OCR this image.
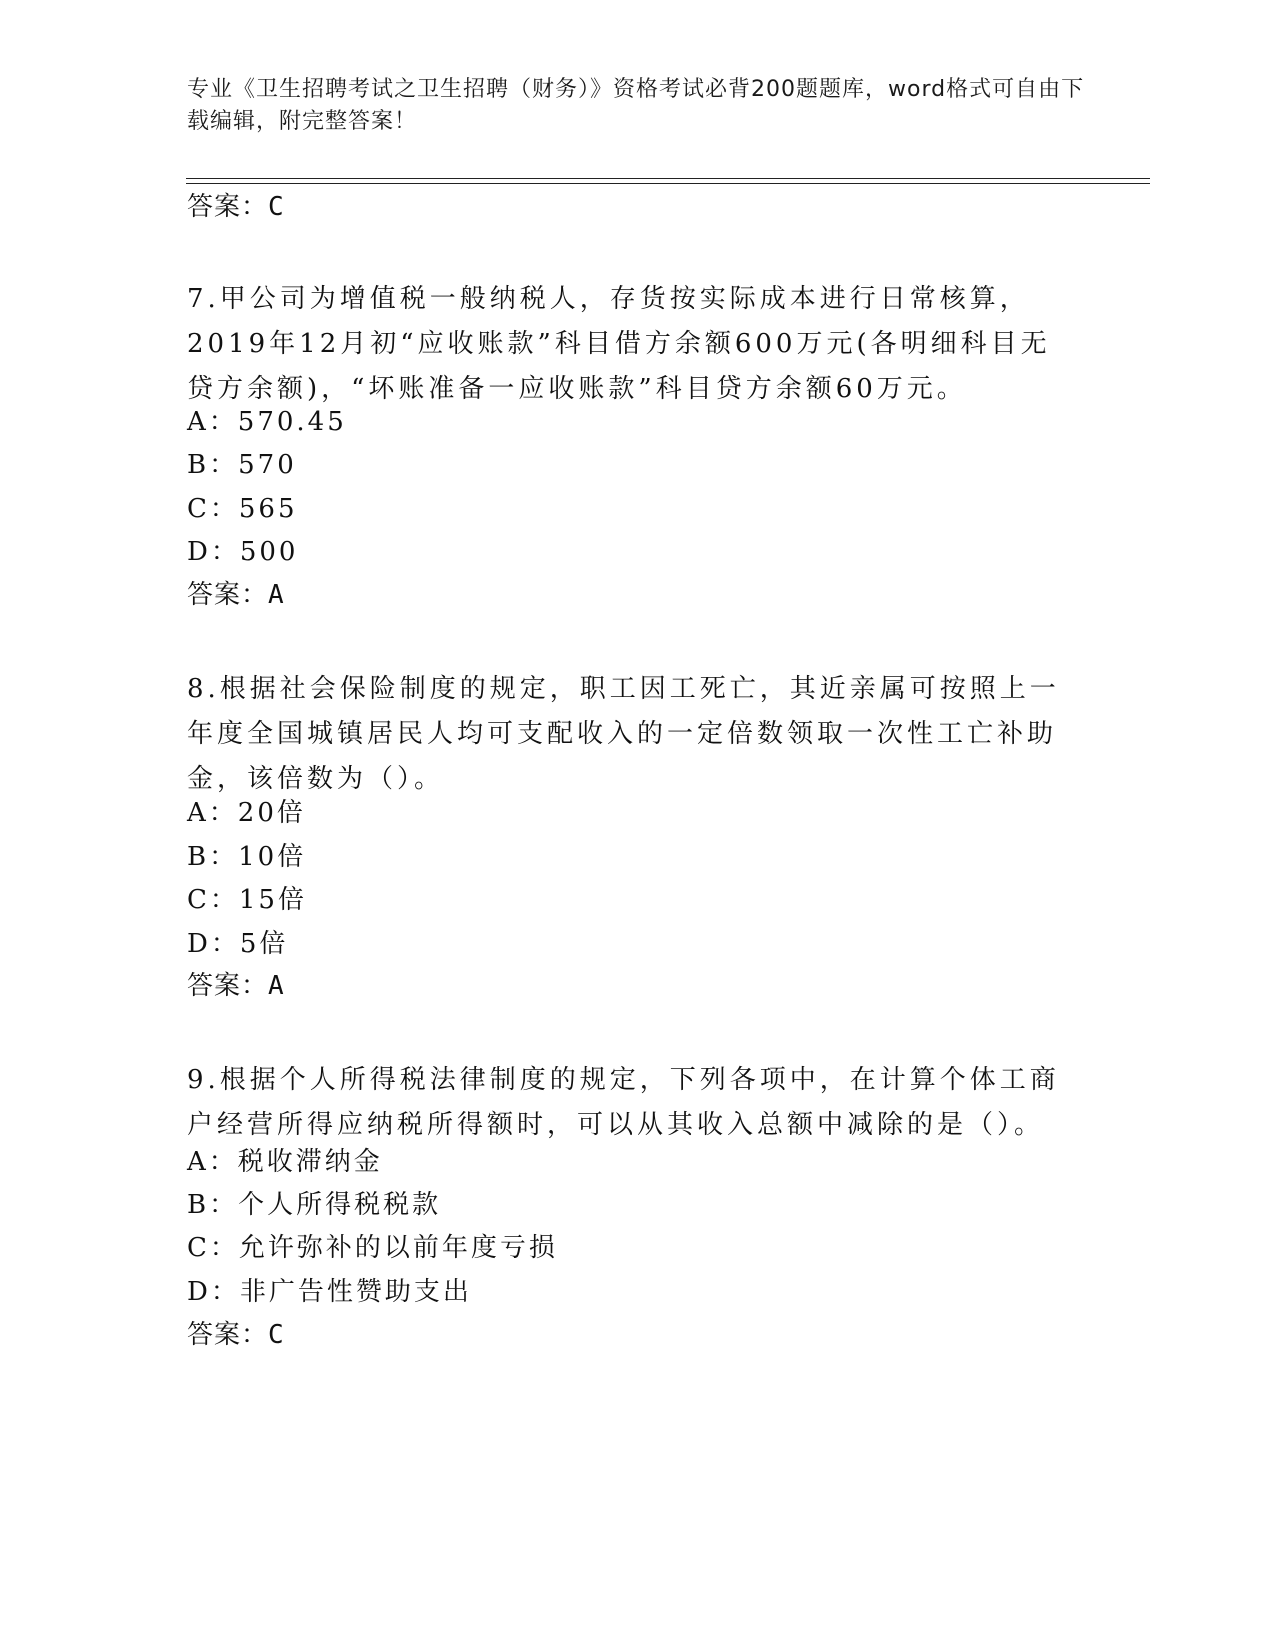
专业《卫生招聘考试之卫生招聘（财务）》资格考试必背200题题库，word格式可自由下载编辑，附完整答案！
答案：C
7.甲公司为增值税一般纳税人，存货按实际成本进行日常核算，2019年12月初“应收账款”科目借方余额600万元(各明细科目无贷方余额)，“坏账准备一应收账款”科目贷方余额60万元。
A：570.45
B：570
C：565
D：500
答案：A
8.根据社会保险制度的规定，职工因工死亡，其近亲属可按照上一年度全国城镇居民人均可支配收入的一定倍数领取一次性工亡补助金，该倍数为（）。
A：20倍
B：10倍
C：15倍
D：5倍
答案：A
9.根据个人所得税法律制度的规定，下列各项中，在计算个体工商户经营所得应纳税所得额时，可以从其收入总额中减除的是（）。
A：税收滞纳金
B：个人所得税税款
C：允许弥补的以前年度亏损
D：非广告性赞助支出
答案：C
